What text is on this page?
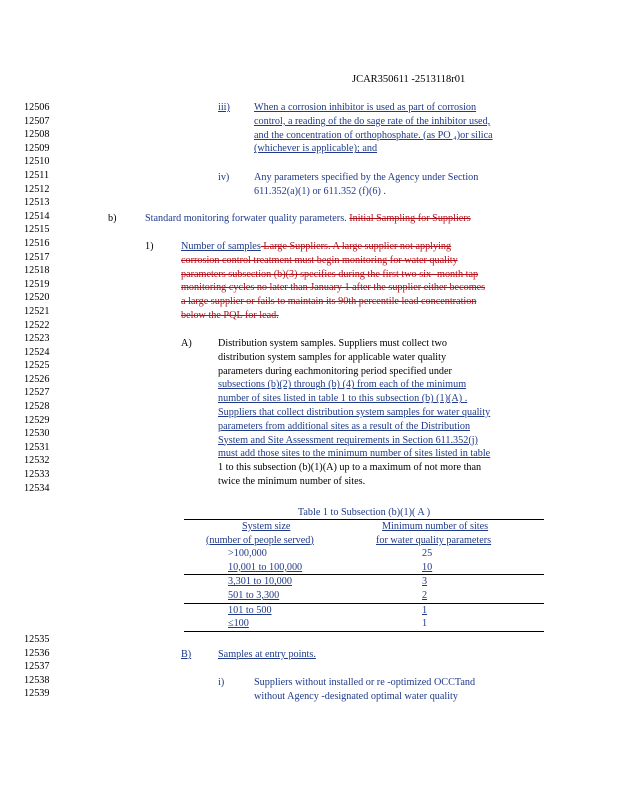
JCAR350611 -2513118r01
12506
12507
12508
12509
12510
12511
12512
12513
12514
12515
12516
12517
12518
12519
12520
12521
12522
12523
12524
12525
12526
12527
12528
12529
12530
12531
12532
12533
12534
12535
12536
12537
12538
12539
iii) When a corrosion inhibitor is used as part of corrosion
control, a reading of the do sage rate of the inhibitor used,
and the concentration of orthophosphate. (as PO ₄)or silica
(whichever is applicable); and
iv) Any parameters specified by the Agency under Section
611.352(a)(1) or 611.352 (f)(6) .
b)	Standard monitoring forwater quality parameters. Initial Sampling for Suppliers
1)	Number of samples Large Suppliers. A large supplier not applying
corrosion control treatment must begin monitoring for water quality
parameters subsection (b)(3) specifies during the first two six -month tap
monitoring cycles no later than January 1 after the supplier either becomes
a large supplier or fails to maintain its 90th percentile lead concentration
below the PQL for lead.
A)	Distribution system samples. Suppliers must collect two
distribution system samples for applicable water quality
parameters during eachmonitoring period specified under
subsections (b)(2) through (b) (4) from each of the minimum
number of sites listed in table 1 to this subsection (b) (1)(A) .
Suppliers that collect distribution system samples for water quality
parameters from additional sites as a result of the Distribution
System and Site Assessment requirements in Section 611.352(j)
must add those sites to the minimum number of sites listed in table
1 to this subsection (b)(1)(A) up to a maximum of not more than
twice the minimum number of sites.
Table 1 to Subsection (b)(1)( A )
System size	Minimum number of sites
(number of people served)	for water quality parameters
>100,000	25
10,001 to 100,000	10
3,301 to 10,000	3
501 to 3,300	2
101 to 500	1
≤100	1
B)	Samples at entry points.
i)	Suppliers without installed or re -optimized OCCTand
without Agency -designated optimal water quality
